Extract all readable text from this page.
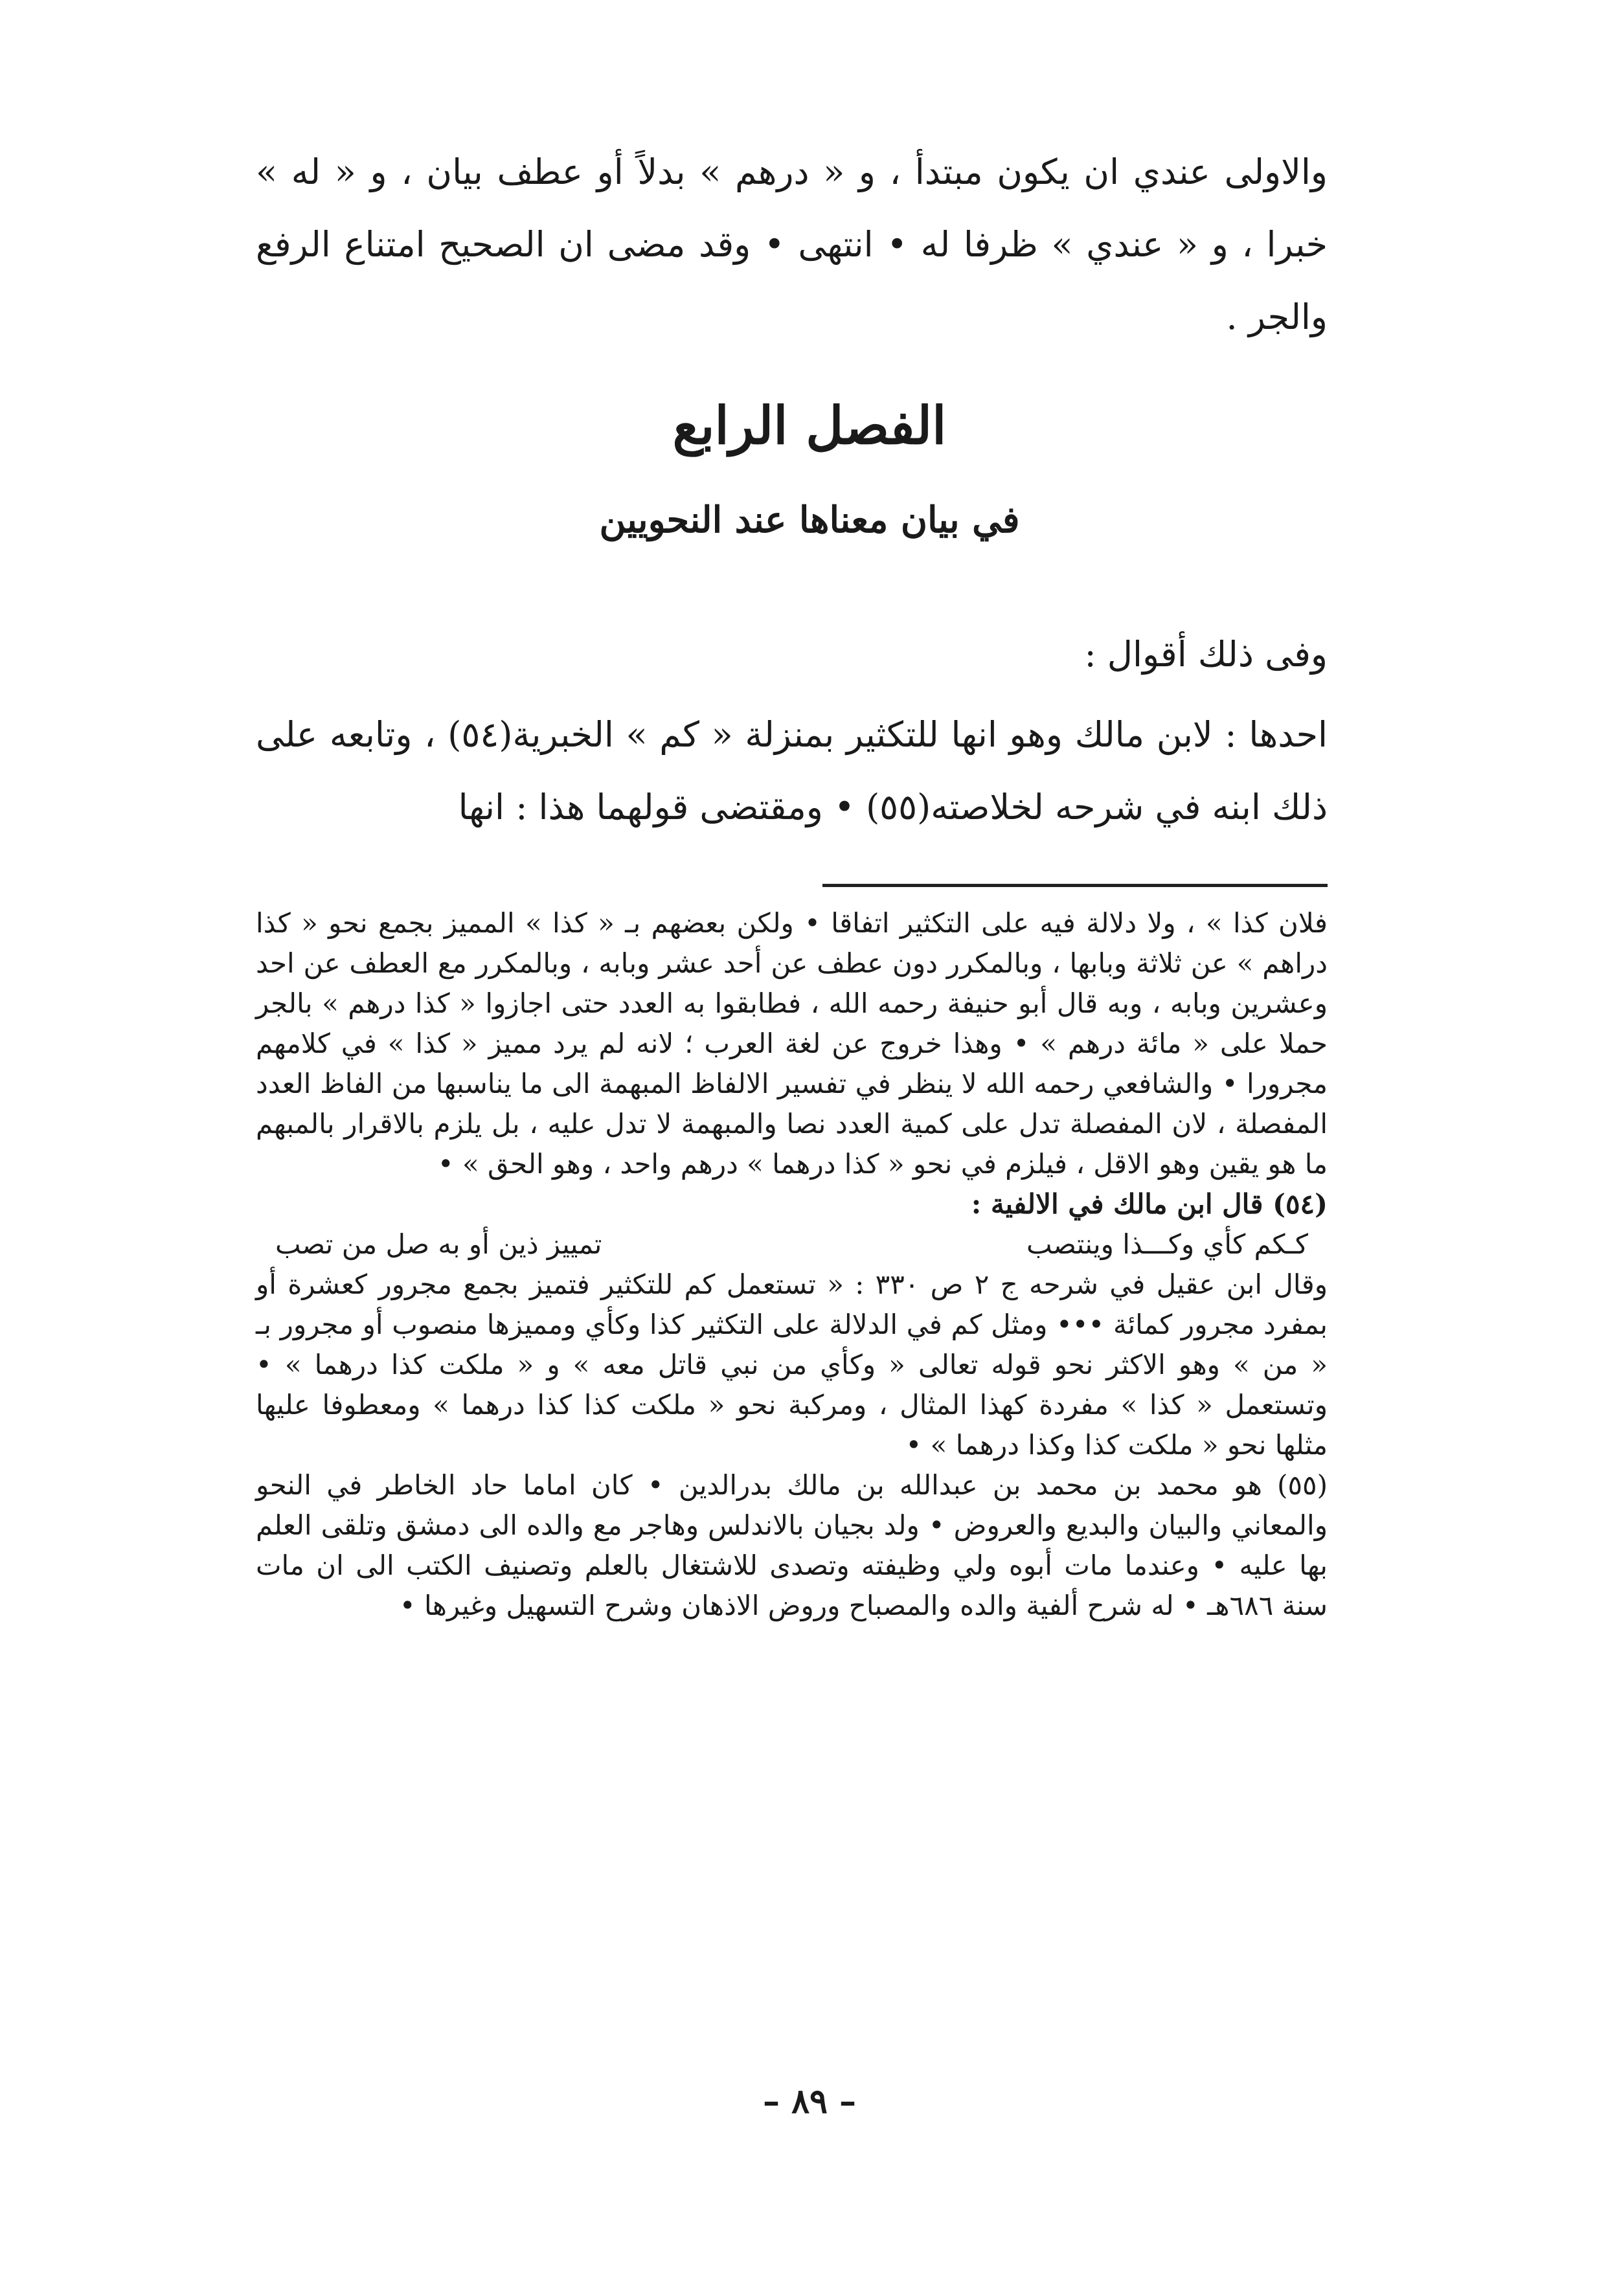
والاولى عندي ان يكون مبتدأ ، و « درهم » بدلاً أو عطف بيان ، و « له » خبرا ، و « عندي » ظرفا له • انتهى • وقد مضى ان الصحيح امتناع الرفع والجر .

الفصل الرابع
في بيان معناها عند النحويين

وفى ذلك أقوال :

احدها : لابن مالك وهو انها للتكثير بمنزلة « كم » الخبرية(٥٤) ، وتابعه على ذلك ابنه في شرحه لخلاصته(٥٥) • ومقتضى قولهما هذا : انها

فلان كذا » ، ولا دلالة فيه على التكثير اتفاقا • ولكن بعضهم بـ « كذا » المميز بجمع نحو « كذا دراهم » عن ثلاثة وبابها ، وبالمكرر دون عطف عن أحد عشر وبابه ، وبالمكرر مع العطف عن احد وعشرين وبابه ، وبه قال أبو حنيفة رحمه الله ، فطابقوا به العدد حتى اجازوا « كذا درهم » بالجر حملا على « مائة درهم » • وهذا خروج عن لغة العرب ؛ لانه لم يرد مميز « كذا » في كلامهم مجرورا • والشافعي رحمه الله لا ينظر في تفسير الالفاظ المبهمة الى ما يناسبها من الفاظ العدد المفصلة ، لان المفصلة تدل على كمية العدد نصا والمبهمة لا تدل عليه ، بل يلزم بالاقرار بالمبهم ما هو يقين وهو الاقل ، فيلزم في نحو « كذا درهما » درهم واحد ، وهو الحق » •

(٥٤) قال ابن مالك في الالفية :

كـكم كأي وكـــذا وينتصب
تمييز ذين أو به صل من تصب

وقال ابن عقيل في شرحه ج ٢ ص ٣٣٠ : « تستعمل كم للتكثير فتميز بجمع مجرور كعشرة أو بمفرد مجرور كمائة ••• ومثل كم في الدلالة على التكثير كذا وكأي ومميزها منصوب أو مجرور بـ « من » وهو الاكثر نحو قوله تعالى « وكأي من نبي قاتل معه » و « ملكت كذا درهما » • وتستعمل « كذا » مفردة كهذا المثال ، ومركبة نحو « ملكت كذا كذا درهما » ومعطوفا عليها مثلها نحو « ملكت كذا وكذا درهما » •

(٥٥) هو محمد بن محمد بن عبدالله بن مالك بدرالدين • كان اماما حاد الخاطر في النحو والمعاني والبيان والبديع والعروض • ولد بجيان بالاندلس وهاجر مع والده الى دمشق وتلقى العلم بها عليه • وعندما مات أبوه ولي وظيفته وتصدى للاشتغال بالعلم وتصنيف الكتب الى ان مات سنة ٦٨٦هـ • له شرح ألفية والده والمصباح وروض الاذهان وشرح التسهيل وغيرها •

– ٨٩ –
